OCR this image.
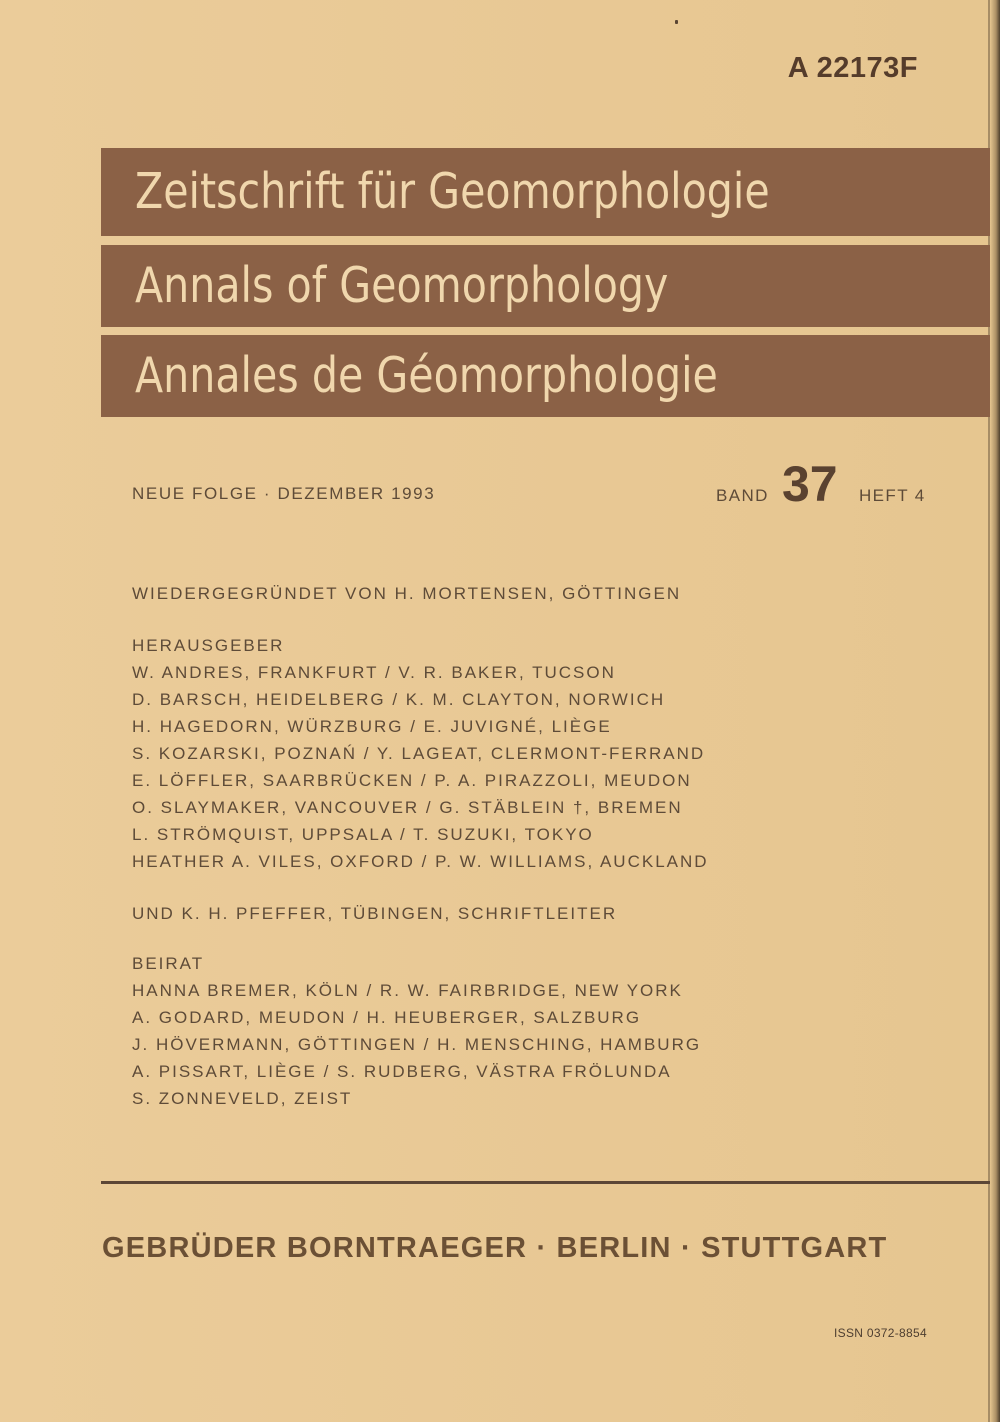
A 22173F
Zeitschrift für Geomorphologie
Annals of Geomorphology
Annales de Géomorphologie
NEUE FOLGE · DEZEMBER 1993	BAND 37 HEFT 4
WIEDERGEGRÜNDET VON H. MORTENSEN, GÖTTINGEN
HERAUSGEBER
W. ANDRES, FRANKFURT / V. R. BAKER, TUCSON
D. BARSCH, HEIDELBERG / K. M. CLAYTON, NORWICH
H. HAGEDORN, WÜRZBURG / E. JUVIGNÉ, LIÈGE
S. KOZARSKI, POZNAŃ / Y. LAGEAT, CLERMONT-FERRAND
E. LÖFFLER, SAARBRÜCKEN / P. A. PIRAZZOLI, MEUDON
O. SLAYMAKER, VANCOUVER / G. STÄBLEIN †, BREMEN
L. STRÖMQUIST, UPPSALA / T. SUZUKI, TOKYO
HEATHER A. VILES, OXFORD / P. W. WILLIAMS, AUCKLAND
UND K. H. PFEFFER, TÜBINGEN, SCHRIFTLEITER
BEIRAT
HANNA BREMER, KÖLN / R. W. FAIRBRIDGE, NEW YORK
A. GODARD, MEUDON / H. HEUBERGER, SALZBURG
J. HÖVERMANN, GÖTTINGEN / H. MENSCHING, HAMBURG
A. PISSART, LIÈGE / S. RUDBERG, VÄSTRA FRÖLUNDA
S. ZONNEVELD, ZEIST
GEBRÜDER BORNTRAEGER · BERLIN · STUTTGART
ISSN 0372-8854
